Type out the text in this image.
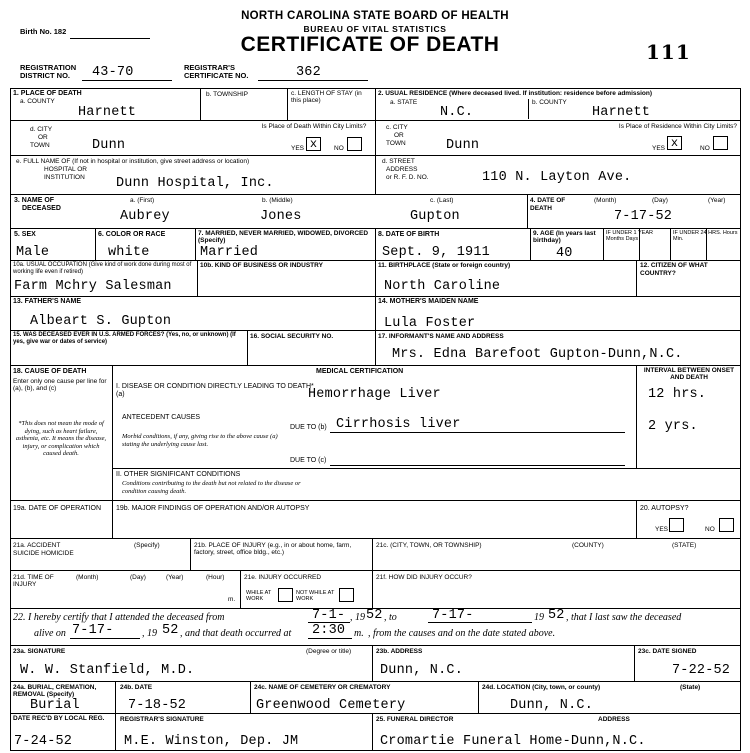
Birth No. 182
NORTH CAROLINA STATE BOARD OF HEALTH
BUREAU OF VITAL STATISTICS
CERTIFICATE OF DEATH	111
REGISTRATION
DISTRICT NO. 43-70	REGISTRAR'S
CERTIFICATE NO.	362
1. PLACE OF DEATH
a. COUNTY
Harnett
b. TOWNSHIP	c. LENGTH OF STAY (in this place)
d. CITY
OR
TOWN	Dunn
Is Place of Death Within City Limits?
YES x	NO
e. FULL NAME OF (If not in hospital or institution, give street address or location)
HOSPITAL OR
INSTITUTION Dunn Hospital, Inc.
2. USUAL RESIDENCE (Where deceased lived. If institution: residence before admission)
a. STATE
N.C.
b. COUNTY
Harnett
c. CITY
OR
TOWN	Dunn
Is Place of Residence Within City Limits?
YES x	NO
d. STREET
ADDRESS
or R. F. D. NO.	110 N. Layton Ave.
3. NAME OF
DECEASED
a. (First)	b. (Middle)	c. (Last)
Aubrey	Jones	Gupton
4. DATE OF DEATH
(Month)	(Day)	(Year)
7-17-52
5. SEX
Male
6. COLOR OR RACE
white
7. MARRIED, NEVER MARRIED, WIDOWED, DIVORCED (Specify)
Married
8. DATE OF BIRTH
Sept. 9, 1911
9. AGE (In years last birthday)
40
IF UNDER 1 YEAR Months Days
IF UNDER 24 HRS. Hours Min.
10a. USUAL OCCUPATION (Give kind of work done during most of working life even if retired)
Farm Mchry Salesman
10b. KIND OF BUSINESS OR INDUSTRY	11. BIRTHPLACE (State or foreign country)
North Caroline
12. CITIZEN OF WHAT COUNTRY?
13. FATHER'S NAME
Albeart S. Gupton
14. MOTHER'S MAIDEN NAME
Lula Foster
15. WAS DECEASED EVER IN U.S. ARMED FORCES? (Yes, no, or unknown) (If yes, give war or dates of service)
16. SOCIAL SECURITY NO.	17. INFORMANT'S NAME AND ADDRESS
Mrs. Edna Barefoot Gupton-Dunn,N.C.
18. CAUSE OF DEATH
Enter only one cause per line for (a), (b), and (c)
MEDICAL CERTIFICATION	INTERVAL BETWEEN ONSET AND DEATH
I. DISEASE OR CONDITION DIRECTLY LEADING TO DEATH* (a)	Hemorrhage Liver	12 hrs.
ANTECEDENT CAUSES
Morbid conditions, if any, giving rise to the above cause (a) stating the underlying cause last.
DUE TO (b) Cirrhosis liver	2 yrs.
DUE TO (c)
*This does not mean the mode of dying, such as heart failure, asthenia, etc. It means the disease, injury, or complication which caused death.
II. OTHER SIGNIFICANT CONDITIONS
Conditions contributing to the death but not related to the disease or condition causing death.
19a. DATE OF OPERATION	19b. MAJOR FINDINGS OF OPERATION AND/OR AUTOPSY	20. AUTOPSY?
YES	NO
21a. ACCIDENT SUICIDE HOMICIDE
(Specify)	21b. PLACE OF INJURY (e.g., in or about home, farm, factory, street, office bldg., etc.)
21c. (CITY, TOWN, OR TOWNSHIP)	(COUNTY)	(STATE)
21d. TIME OF INJURY
(Month)	(Day)	(Year)	(Hour)
m.
21e. INJURY OCCURRED
WHILE AT WORK
NOT WHILE AT WORK
21f. HOW DID INJURY OCCUR?
22. I hereby certify that I attended the deceased from	7-1- , 19 52 , to	7-17-	19 52 , that I last saw the deceased
alive on 7-17-	, 19 52 , and that death occurred at 2:30 m. , from the causes and on the date stated above.
23a. SIGNATURE	(Degree or title)
W. W. Stanfield, M.D.
23b. ADDRESS
Dunn, N.C.
23c. DATE SIGNED
7-22-52
24a. BURIAL, CREMATION, REMOVAL (Specify)
Burial
24b. DATE
7-18-52
24c. NAME OF CEMETERY OR CREMATORY
Greenwood Cemetery
24d. LOCATION (City, town, or county)	(State)
Dunn, N.C.
DATE REC'D BY LOCAL REG.
7-24-52
REGISTRAR'S SIGNATURE
M.E. Winston, Dep. JM
25. FUNERAL DIRECTOR	ADDRESS
Cromartie Funeral Home-Dunn,N.C.
